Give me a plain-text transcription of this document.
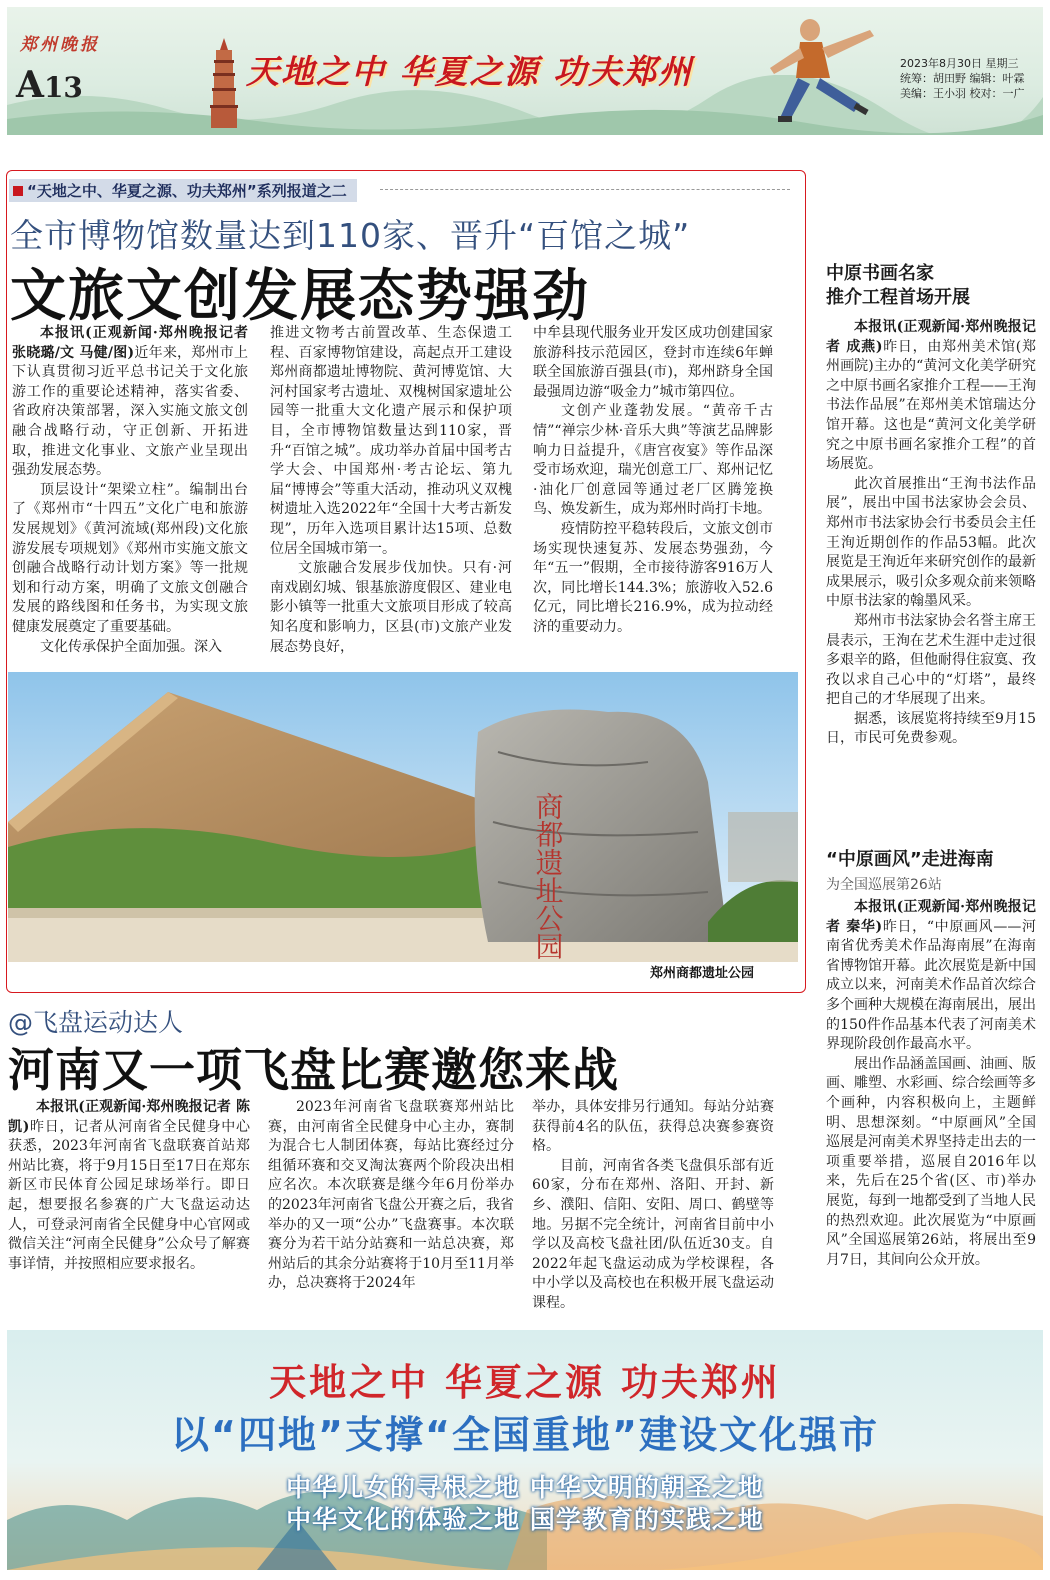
郑州晚报
A13	天地之中 华夏之源 功夫郑州	2023年8月30日 星期三
统筹：胡田野 编辑：叶霖
美编：王小羽 校对：一广
“天地之中、华夏之源、功夫郑州”系列报道之二
全市博物馆数量达到110家、晋升“百馆之城”
文旅文创发展态势强劲

本报讯(正观新闻·郑州晚报记者 张晓璐/文 马健/图)近年来，郑州市上下认真贯彻习近平总书记关于文化旅游工作的重要论述精神，落实省委、省政府决策部署，深入实施文旅文创融合战略行动，守正创新、开拓进取，推进文化事业、文旅产业呈现出强劲发展态势。

顶层设计“架梁立柱”。编制出台了《郑州市“十四五”文化广电和旅游发展规划》《黄河流域(郑州段)文化旅游发展专项规划》《郑州市实施文旅文创融合战略行动计划方案》等一批规划和行动方案，明确了文旅文创融合发展的路线图和任务书，为实现文旅健康发展奠定了重要基础。

文化传承保护全面加强。深入

推进文物考古前置改革、生态保遗工程、百家博物馆建设，高起点开工建设郑州商都遗址博物院、黄河博览馆、大河村国家考古遗址、双槐树国家遗址公园等一批重大文化遗产展示和保护项目，全市博物馆数量达到110家，晋升“百馆之城”。成功举办首届中国考古学大会、中国郑州·考古论坛、第九届“博博会”等重大活动，推动巩义双槐树遗址入选2022年“全国十大考古新发现”，历年入选项目累计达15项、总数位居全国城市第一。

文旅融合发展步伐加快。只有·河南戏剧幻城、银基旅游度假区、建业电影小镇等一批重大文旅项目形成了较高知名度和影响力，区县(市)文旅产业发展态势良好，

中牟县现代服务业开发区成功创建国家旅游科技示范园区，登封市连续6年蝉联全国旅游百强县(市)，郑州跻身全国最强周边游“吸金力”城市第四位。

文创产业蓬勃发展。“黄帝千古情”“禅宗少林·音乐大典”等演艺品牌影响力日益提升，《唐宫夜宴》等作品深受市场欢迎，瑞光创意工厂、郑州记忆·油化厂创意园等通过老厂区腾笼换鸟、焕发新生，成为郑州时尚打卡地。

疫情防控平稳转段后，文旅文创市场实现快速复苏、发展态势强劲，今年“五一”假期，全市接待游客916万人次，同比增长144.3%；旅游收入52.6亿元，同比增长216.9%，成为拉动经济的重要动力。

商都遗址公园
郑州商都遗址公园
中原书画名家
推介工程首场开展

本报讯(正观新闻·郑州晚报记者 成燕)昨日，由郑州美术馆(郑州画院)主办的“黄河文化美学研究之中原书画名家推介工程——王洵书法作品展”在郑州美术馆瑞达分馆开幕。这也是“黄河文化美学研究之中原书画名家推介工程”的首场展览。

此次首展推出“王洵书法作品展”，展出中国书法家协会会员、郑州市书法家协会行书委员会主任王洵近期创作的作品53幅。此次展览是王洵近年来研究创作的最新成果展示，吸引众多观众前来领略中原书法家的翰墨风采。

郑州市书法家协会名誉主席王晨表示，王洵在艺术生涯中走过很多艰辛的路，但他耐得住寂寞、孜孜以求自己心中的“灯塔”，最终把自己的才华展现了出来。

据悉，该展览将持续至9月15日，市民可免费参观。

“中原画风”走进海南
为全国巡展第26站

本报讯(正观新闻·郑州晚报记者 秦华)昨日，“中原画风——河南省优秀美术作品海南展”在海南省博物馆开幕。此次展览是新中国成立以来，河南美术作品首次综合多个画种大规模在海南展出，展出的150件作品基本代表了河南美术界现阶段创作最高水平。

展出作品涵盖国画、油画、版画、雕塑、水彩画、综合绘画等多个画种，内容积极向上，主题鲜明、思想深刻。“中原画风”全国巡展是河南美术界坚持走出去的一项重要举措，巡展自2016年以来，先后在25个省(区、市)举办展览，每到一地都受到了当地人民的热烈欢迎。此次展览为“中原画风”全国巡展第26站，将展出至9月7日，其间向公众开放。

@飞盘运动达人
河南又一项飞盘比赛邀您来战

本报讯(正观新闻·郑州晚报记者 陈凯)昨日，记者从河南省全民健身中心获悉，2023年河南省飞盘联赛首站郑州站比赛，将于9月15日至17日在郑东新区市民体育公园足球场举行。即日起，想要报名参赛的广大飞盘运动达人，可登录河南省全民健身中心官网或微信关注“河南全民健身”公众号了解赛事详情，并按照相应要求报名。

2023年河南省飞盘联赛郑州站比赛，由河南省全民健身中心主办，赛制为混合七人制团体赛，每站比赛经过分组循环赛和交叉淘汰赛两个阶段决出相应名次。本次联赛是继今年6月份举办的2023年河南省飞盘公开赛之后，我省举办的又一项“公办”飞盘赛事。本次联赛分为若干站分站赛和一站总决赛，郑州站后的其余分站赛将于10月至11月举办，总决赛将于2024年

举办，具体安排另行通知。每站分站赛获得前4名的队伍，获得总决赛参赛资格。

目前，河南省各类飞盘俱乐部有近60家，分布在郑州、洛阳、开封、新乡、濮阳、信阳、安阳、周口、鹤壁等地。另据不完全统计，河南省目前中小学以及高校飞盘社团/队伍近30支。自2022年起飞盘运动成为学校课程，各中小学以及高校也在积极开展飞盘运动课程。

天地之中 华夏之源 功夫郑州
以“四地”支撑“全国重地”建设文化强市
中华儿女的寻根之地 中华文明的朝圣之地
中华文化的体验之地 国学教育的实践之地
